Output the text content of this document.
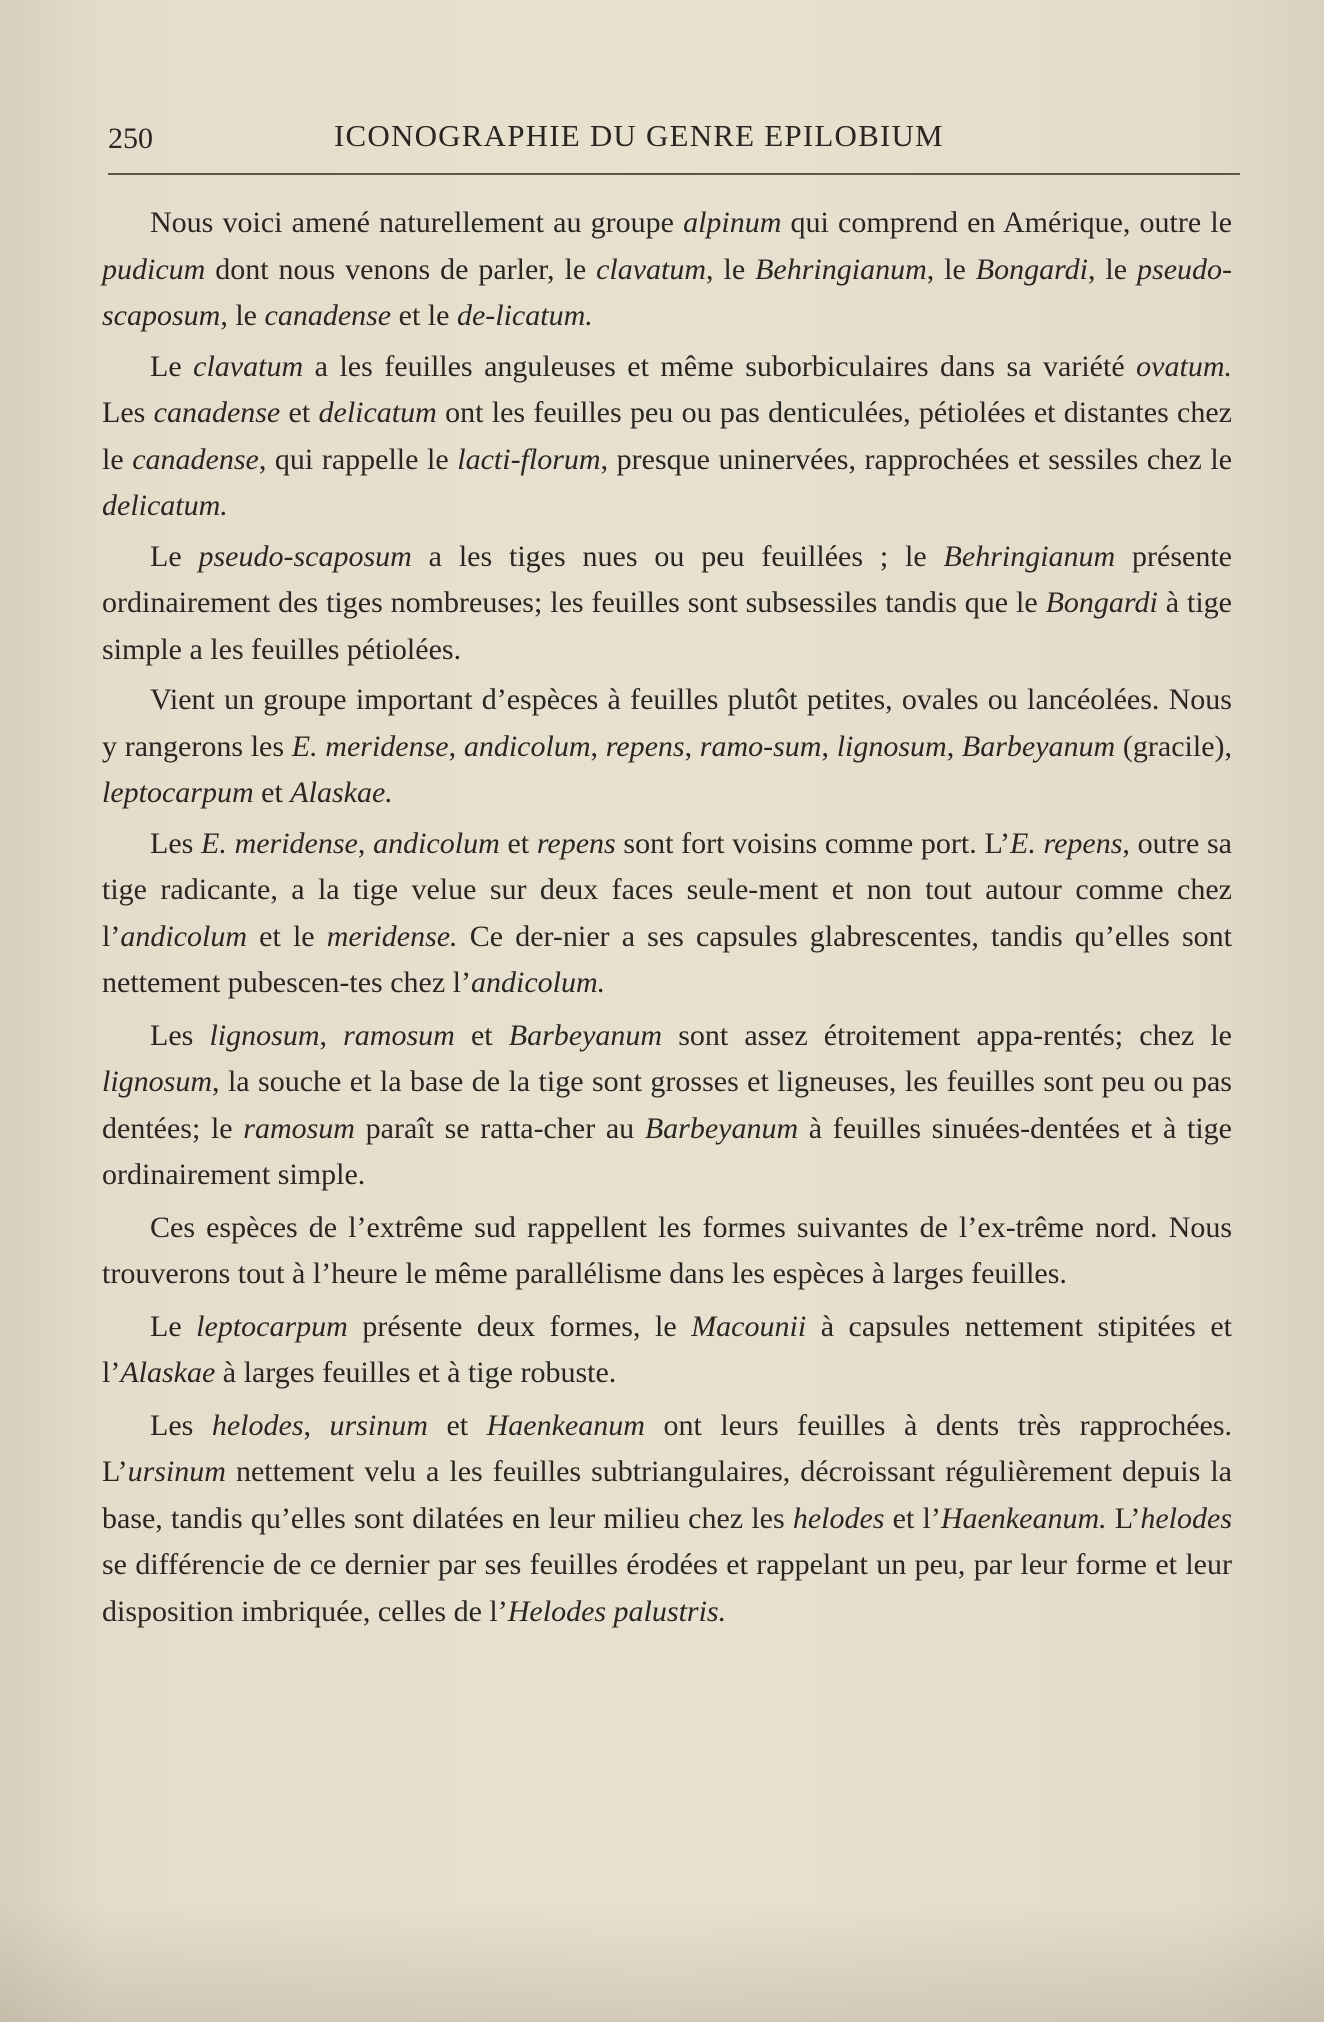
250	ICONOGRAPHIE DU GENRE EPILOBIUM

Nous voici amené naturellement au groupe alpinum qui comprend en Amérique, outre le pudicum dont nous venons de parler, le clavatum, le Behringianum, le Bongardi, le pseudo-scaposum, le canadense et le de-licatum.

Le clavatum a les feuilles anguleuses et même suborbiculaires dans sa variété ovatum. Les canadense et delicatum ont les feuilles peu ou pas denticulées, pétiolées et distantes chez le canadense, qui rappelle le lacti-florum, presque uninervées, rapprochées et sessiles chez le delicatum.

Le pseudo-scaposum a les tiges nues ou peu feuillées ; le Behringianum présente ordinairement des tiges nombreuses; les feuilles sont subsessiles tandis que le Bongardi à tige simple a les feuilles pétiolées.

Vient un groupe important d’espèces à feuilles plutôt petites, ovales ou lancéolées. Nous y rangerons les E. meridense, andicolum, repens, ramo-sum, lignosum, Barbeyanum (gracile), leptocarpum et Alaskae.

Les E. meridense, andicolum et repens sont fort voisins comme port. L’E. repens, outre sa tige radicante, a la tige velue sur deux faces seule-ment et non tout autour comme chez l’andicolum et le meridense. Ce der-nier a ses capsules glabrescentes, tandis qu’elles sont nettement pubescen-tes chez l’andicolum.

Les lignosum, ramosum et Barbeyanum sont assez étroitement appa-rentés; chez le lignosum, la souche et la base de la tige sont grosses et ligneuses, les feuilles sont peu ou pas dentées; le ramosum paraît se ratta-cher au Barbeyanum à feuilles sinuées-dentées et à tige ordinairement simple.

Ces espèces de l’extrême sud rappellent les formes suivantes de l’ex-trême nord. Nous trouverons tout à l’heure le même parallélisme dans les espèces à larges feuilles.

Le leptocarpum présente deux formes, le Macounii à capsules nettement stipitées et l’Alaskae à larges feuilles et à tige robuste.

Les helodes, ursinum et Haenkeanum ont leurs feuilles à dents très rapprochées. L’ursinum nettement velu a les feuilles subtriangulaires, décroissant régulièrement depuis la base, tandis qu’elles sont dilatées en leur milieu chez les helodes et l’Haenkeanum. L’helodes se différencie de ce dernier par ses feuilles érodées et rappelant un peu, par leur forme et leur disposition imbriquée, celles de l’Helodes palustris.
